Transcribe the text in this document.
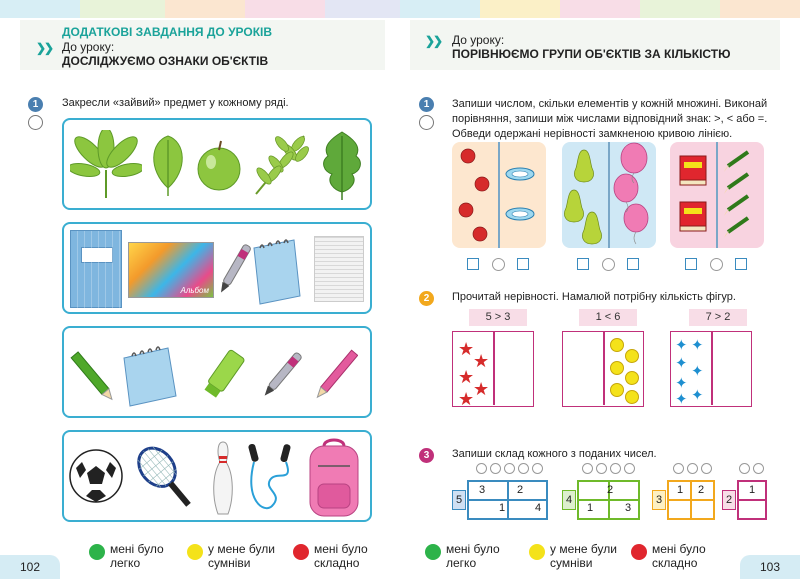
ДОДАТКОВІ ЗАВДАННЯ ДО УРОКІВ
❯❯ До уроку:
ДОСЛІДЖУЄМО ОЗНАКИ ОБ'ЄКТІВ
❯❯ До уроку:
ПОРІВНЮЄМО ГРУПИ ОБ'ЄКТІВ ЗА КІЛЬКІСТЮ
1	Закресли «зайвий» предмет у кожному ряді.
Альбом
1	Запиши числом, скільки елементів у кожній множині. Виконай
порівняння, запиши між числами відповідний знак: >, < або =.
Обведи одержані нерівності замкненою кривою лінією.
2	Прочитай нерівності. Намалюй потрібну кількість фігур.
5 > 3	1 < 6	7 > 2
★
★
★
★
★
✦ ✦
✦ ✦
✦
✦
✦
3	Запиши склад кожного з поданих чисел.
5
3	2
1	4
4
2
1	3
3
1	2
2
1
102
мені було
легко
у мене були
сумніви
мені було
складно
мені було
легко
у мене були
сумніви
мені було
складно	103
